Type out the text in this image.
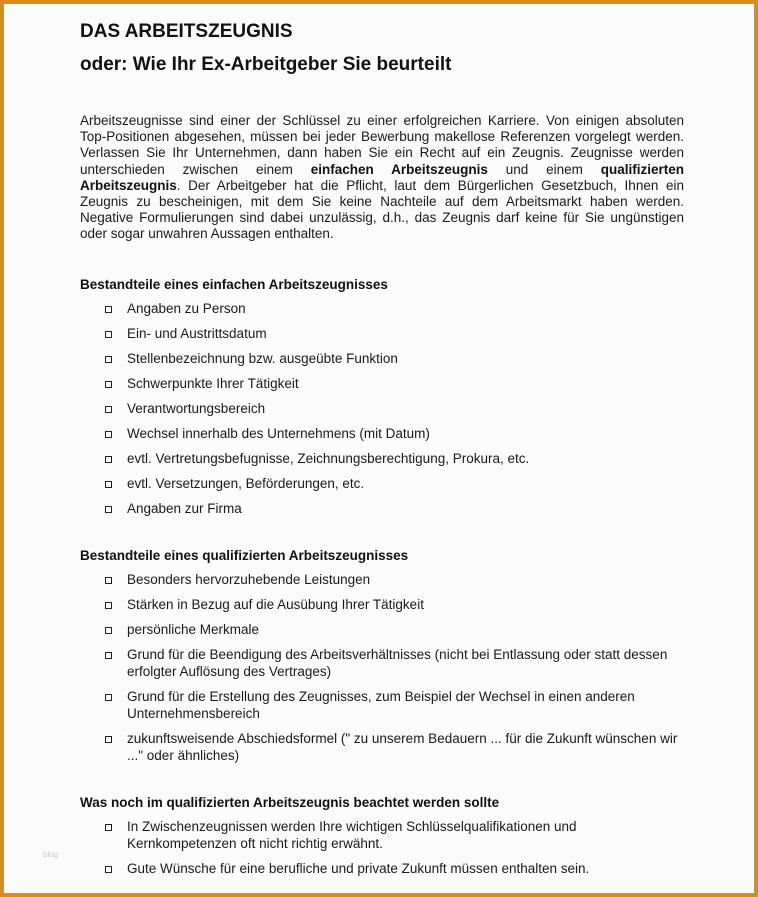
DAS ARBEITSZEUGNIS
oder: Wie Ihr Ex-Arbeitgeber Sie beurteilt

Arbeitszeugnisse sind einer der Schlüssel zu einer erfolgreichen Karriere. Von einigen absoluten Top-Positionen abgesehen, müssen bei jeder Bewerbung makellose Referenzen vorgelegt werden. Verlassen Sie Ihr Unternehmen, dann haben Sie ein Recht auf ein Zeugnis. Zeugnisse werden unterschieden zwischen einem einfachen Arbeitszeugnis und einem qualifizierten Arbeitszeugnis. Der Arbeitgeber hat die Pflicht, laut dem Bürgerlichen Gesetzbuch, Ihnen ein Zeugnis zu bescheinigen, mit dem Sie keine Nachteile auf dem Arbeitsmarkt haben werden. Negative Formulierungen sind dabei unzulässig, d.h., das Zeugnis darf keine für Sie ungünstigen oder sogar unwahren Aussagen enthalten.

Bestandteile eines einfachen Arbeitszeugnisses
Angaben zu Person
Ein- und Austrittsdatum
Stellenbezeichnung bzw. ausgeübte Funktion
Schwerpunkte Ihrer Tätigkeit
Verantwortungsbereich
Wechsel innerhalb des Unternehmens (mit Datum)
evtl. Vertretungsbefugnisse, Zeichnungsberechtigung, Prokura, etc.
evtl. Versetzungen, Beförderungen, etc.
Angaben zur Firma
Bestandteile eines qualifizierten Arbeitszeugnisses
Besonders hervorzuhebende Leistungen
Stärken in Bezug auf die Ausübung Ihrer Tätigkeit
persönliche Merkmale
Grund für die Beendigung des Arbeitsverhältnisses (nicht bei Entlassung oder statt dessen erfolgter Auflösung des Vertrages)
Grund für die Erstellung des Zeugnisses, zum Beispiel der Wechsel in einen anderen Unternehmensbereich
zukunftsweisende Abschiedsformel (" zu unserem Bedauern ... für die Zukunft wünschen wir ..." oder ähnliches)
Was noch im qualifizierten Arbeitszeugnis beachtet werden sollte
In Zwischenzeugnissen werden Ihre wichtigen Schlüsselqualifikationen und Kernkompetenzen oft nicht richtig erwähnt.
Gute Wünsche für eine berufliche und private Zukunft müssen enthalten sein.
blog
